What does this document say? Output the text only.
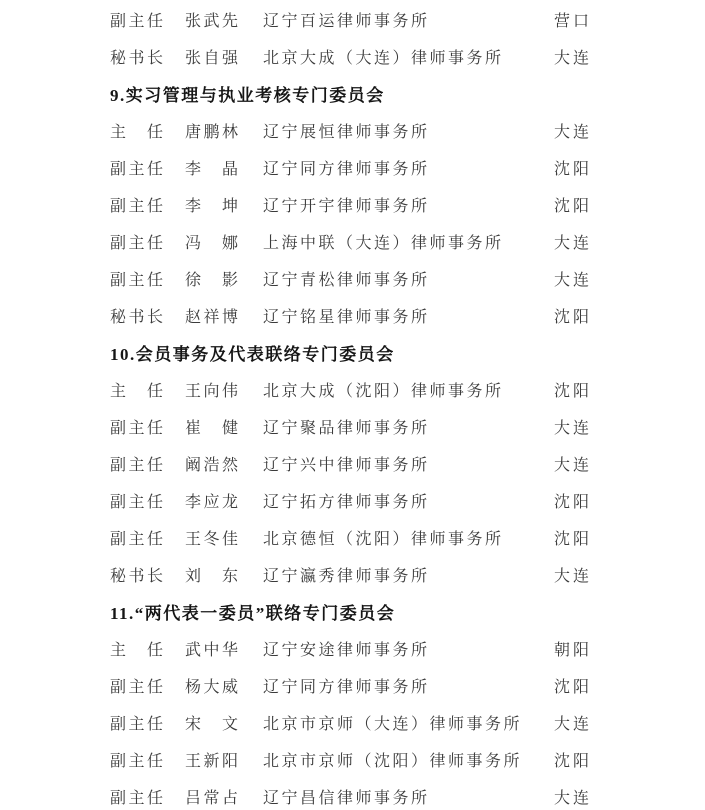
副主任	张武先	辽宁百运律师事务所	营口
秘书长	张自强	北京大成（大连）律师事务所	大连
9.实习管理与执业考核专门委员会
主　任	唐鹏林	辽宁展恒律师事务所	大连
副主任	李　晶	辽宁同方律师事务所	沈阳
副主任	李　坤	辽宁开宇律师事务所	沈阳
副主任	冯　娜	上海中联（大连）律师事务所	大连
副主任	徐　影	辽宁青松律师事务所	大连
秘书长	赵祥博	辽宁铭星律师事务所	沈阳
10.会员事务及代表联络专门委员会
主　任	王向伟	北京大成（沈阳）律师事务所	沈阳
副主任	崔　健	辽宁聚品律师事务所	大连
副主任	阚浩然	辽宁兴中律师事务所	大连
副主任	李应龙	辽宁拓方律师事务所	沈阳
副主任	王冬佳	北京德恒（沈阳）律师事务所	沈阳
秘书长	刘　东	辽宁瀛秀律师事务所	大连
11.“两代表一委员”联络专门委员会
主　任	武中华	辽宁安途律师事务所	朝阳
副主任	杨大威	辽宁同方律师事务所	沈阳
副主任	宋　文	北京市京师（大连）律师事务所	大连
副主任	王新阳	北京市京师（沈阳）律师事务所	沈阳
副主任	吕常占	辽宁昌信律师事务所	大连
